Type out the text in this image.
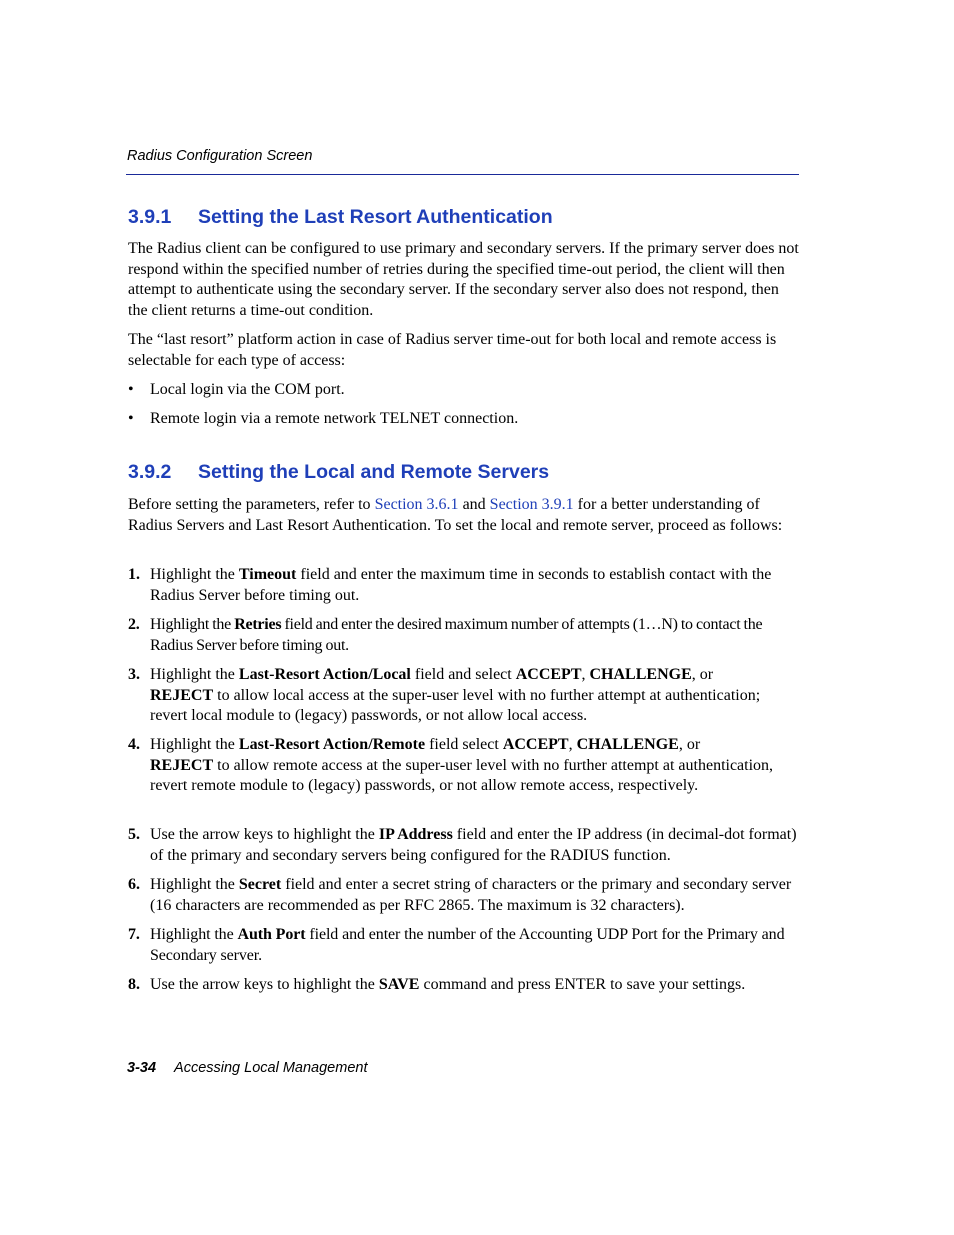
Radius Configuration Screen
3.9.1 Setting the Last Resort Authentication

The Radius client can be configured to use primary and secondary servers. If the primary server does not respond within the specified number of retries during the specified time-out period, the client will then attempt to authenticate using the secondary server. If the secondary server also does not respond, then the client returns a time-out condition.

The “last resort” platform action in case of Radius server time-out for both local and remote access is selectable for each type of access:

• Local login via the COM port.
• Remote login via a remote network TELNET connection.
3.9.2 Setting the Local and Remote Servers

Before setting the parameters, refer to Section 3.6.1 and Section 3.9.1 for a better understanding of Radius Servers and Last Resort Authentication. To set the local and remote server, proceed as follows:

1. Highlight the Timeout field and enter the maximum time in seconds to establish contact with the Radius Server before timing out.
2. Highlight the Retries field and enter the desired maximum number of attempts (1…N) to contact the Radius Server before timing out.
3. Highlight the Last-Resort Action/Local field and select ACCEPT, CHALLENGE, or
REJECT to allow local access at the super-user level with no further attempt at authentication; revert local module to (legacy) passwords, or not allow local access.
4. Highlight the Last-Resort Action/Remote field select ACCEPT, CHALLENGE, or
REJECT to allow remote access at the super-user level with no further attempt at authentication, revert remote module to (legacy) passwords, or not allow remote access, respectively.
5. Use the arrow keys to highlight the IP Address field and enter the IP address (in decimal-dot format) of the primary and secondary servers being configured for the RADIUS function.
6. Highlight the Secret field and enter a secret string of characters or the primary and secondary server (16 characters are recommended as per RFC 2865. The maximum is 32 characters).
7. Highlight the Auth Port field and enter the number of the Accounting UDP Port for the Primary and Secondary server.
8. Use the arrow keys to highlight the SAVE command and press ENTER to save your settings.
3-34 Accessing Local Management
